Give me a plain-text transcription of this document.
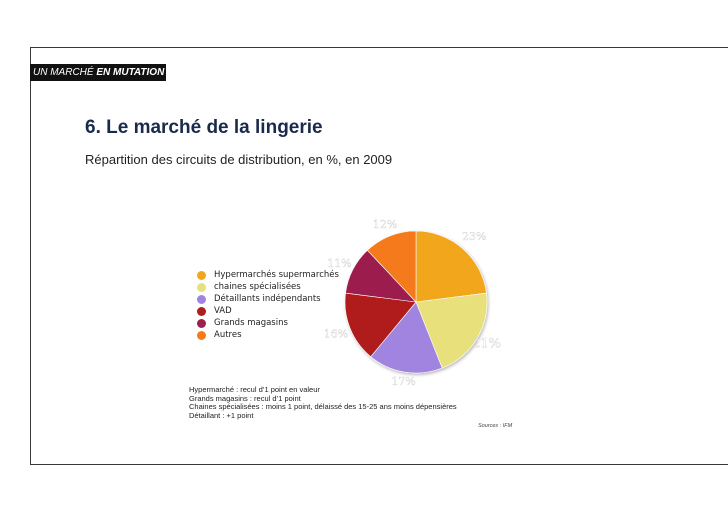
UN MARCHÉ EN MUTATION
6. Le marché de la lingerie
Répartition des circuits de distribution, en %, en 2009
23%
21%
17%
16%
11%
12%
Hypermarchés supermarchés
chaines spécialisées
Détaillants indépendants
VAD
Grands magasins
Autres
Hypermarché : recul d’1 point en valeur
Grands magasins : recul d’1 point
Chaines spécialisées : moins 1 point, délaissé des 15-25 ans moins dépensières
Détaillant : +1 point
Sources : IFM
